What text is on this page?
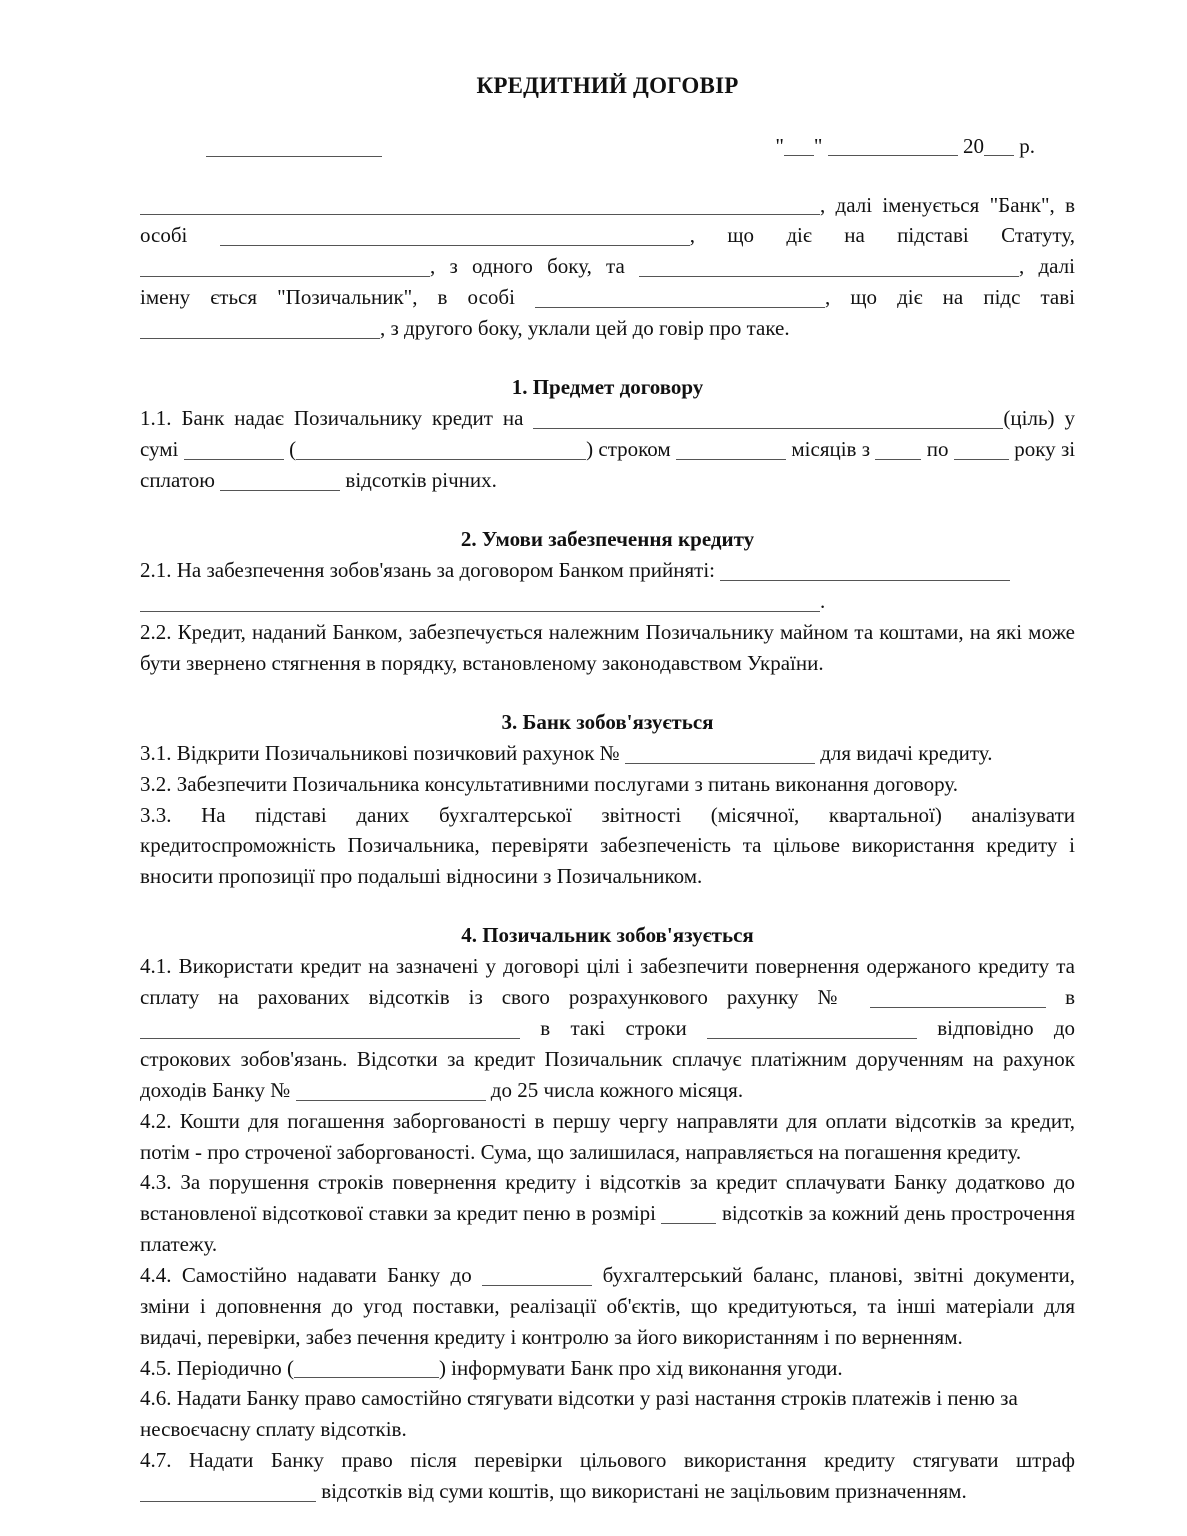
КРЕДИТНИЙ ДОГОВІР
" "	20 р.

, далі іменується "Банк", в особі	, що діє на підставі Статуту, , з одного боку, та	, далі імену ється "Позичальник", в особі	, що діє на підс таві , з другого боку, уклали цей до говір про таке.

1. Предмет договору

1.1. Банк надає Позичальнику кредит на	(ціль) у сумі	(	) строком	місяців з	по	року зі сплатою	відсотків річних.

2. Умови забезпечення кредиту

2.1. На забезпечення зобов'язань за договором Банком прийняті:  .

2.2. Кредит, наданий Банком, забезпечується належним Позичальнику майном та коштами, на які може бути звернено стягнення в порядку, встановленому законодавством України.

3. Банк зобов'язується

3.1. Відкрити Позичальникові позичковий рахунок №	для видачі кредиту.

3.2. Забезпечити Позичальника консультативними послугами з питань виконання договору.

3.3. На підставі даних бухгалтерської звітності (місячної, квартальної) аналізувати кредитоспроможність Позичальника, перевіряти забезпеченість та цільове використання кредиту і вносити пропозиції про подальші відносини з Позичальником.

4. Позичальник зобов'язується

4.1. Використати кредит на зазначені у договорі цілі і забезпечити повернення одержаного кредиту та сплату на рахованих відсотків із свого розрахункового рахунку №	в  в такі строки	відповідно до строкових зобов'язань. Відсотки за кредит Позичальник сплачує платіжним дорученням на рахунок доходів Банку №	до 25 числа кожного місяця.

4.2. Кошти для погашення заборгованості в першу чергу направляти для оплати відсотків за кредит, потім - про строченої заборгованості. Сума, що залишилася, направляється на погашення кредиту.

4.3. За порушення строків повернення кредиту і відсотків за кредит сплачувати Банку додатково до встановленої відсоткової ставки за кредит пеню в розмірі	відсотків за кожний день прострочення платежу.

4.4. Самостійно надавати Банку до	бухгалтерський баланс, планові, звітні документи, зміни і доповнення до угод поставки, реалізації об'єктів, що кредитуються, та інші матеріали для видачі, перевірки, забез печення кредиту і контролю за його використанням і по верненням.

4.5. Періодично (	) інформувати Банк про хід виконання угоди.

4.6. Надати Банку право самостійно стягувати відсотки у разі настання строків платежів і пеню за несвоєчасну сплату відсотків.

4.7. Надати Банку право після перевірки цільового використання кредиту стягувати штраф  відсотків від суми коштів, що використані не зацільовим призначенням.
